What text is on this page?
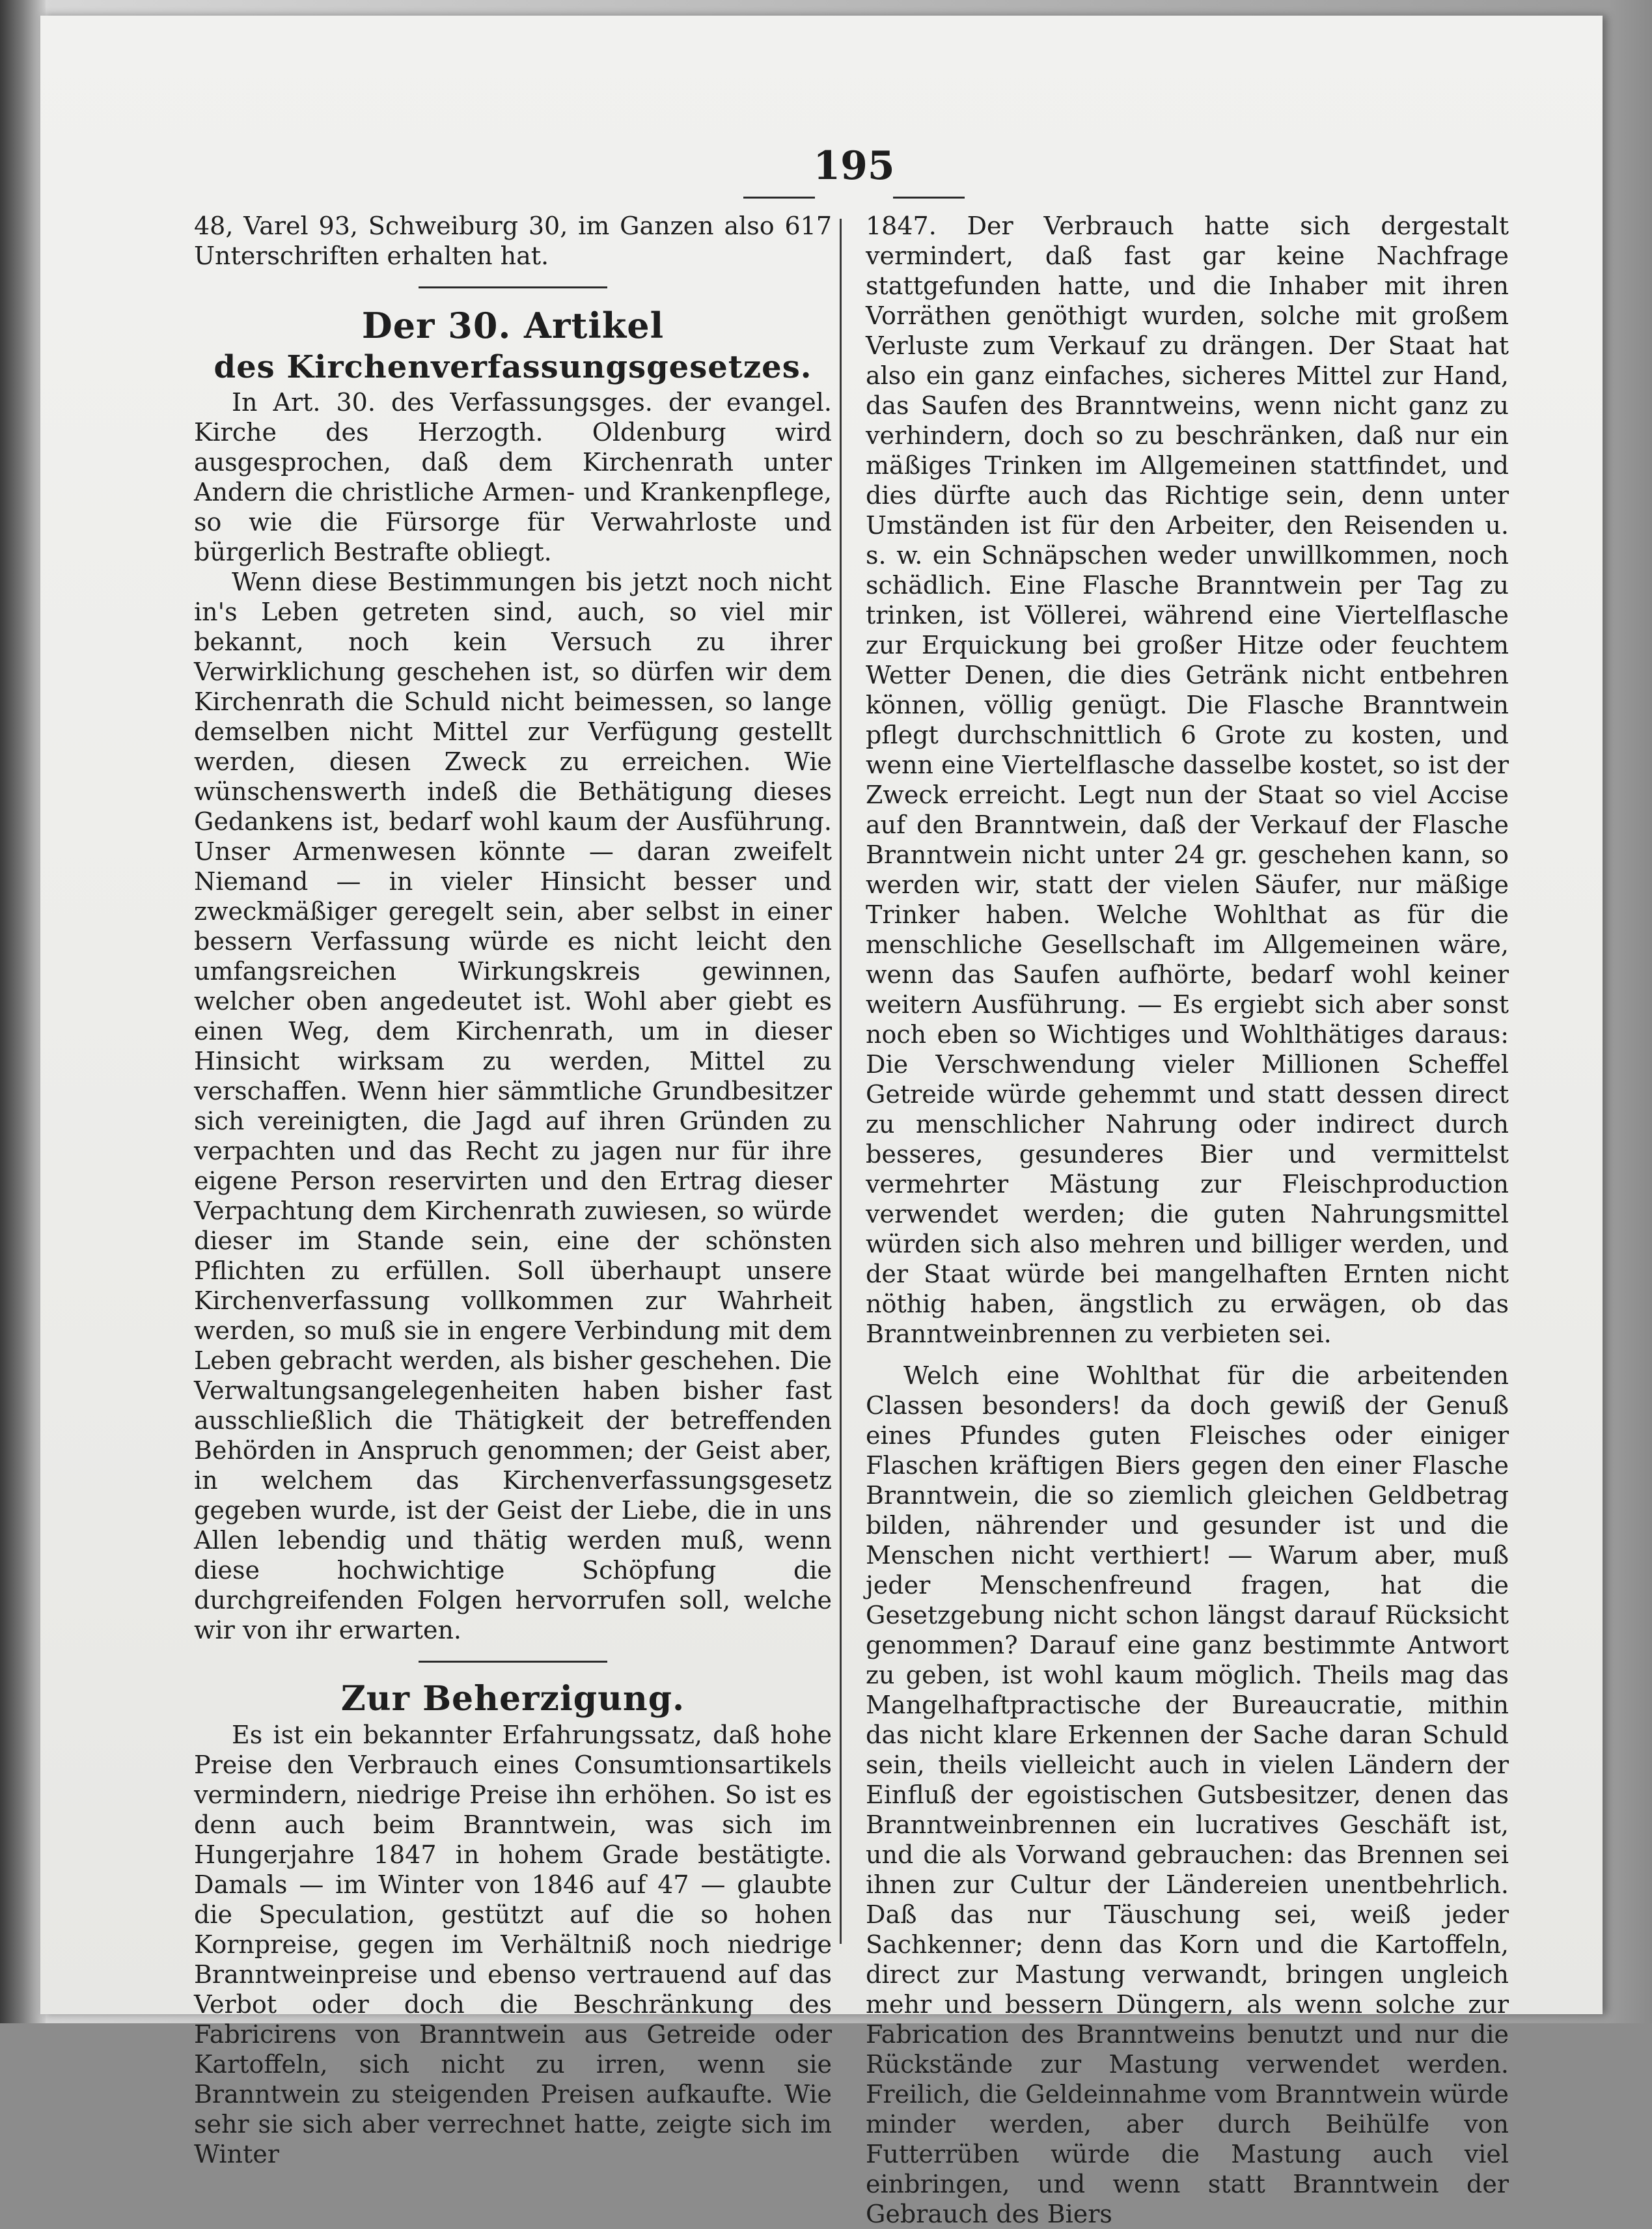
195

48, Varel 93, Schweiburg 30, im Ganzen also 617 Unterschriften erhalten hat.

Der 30. Artikel

des Kirchenverfassungsgesetzes.

In Art. 30. des Verfassungsges. der evangel. Kirche des Herzogth. Oldenburg wird ausgesprochen, daß dem Kirchenrath unter Andern die christliche Armen- und Krankenpflege, so wie die Fürsorge für Verwahrloste und bürgerlich Bestrafte obliegt.

Wenn diese Bestimmungen bis jetzt noch nicht in's Leben getreten sind, auch, so viel mir bekannt, noch kein Versuch zu ihrer Verwirklichung geschehen ist, so dürfen wir dem Kirchenrath die Schuld nicht beimessen, so lange demselben nicht Mittel zur Verfügung gestellt werden, diesen Zweck zu erreichen. Wie wünschenswerth indeß die Bethätigung dieses Gedankens ist, bedarf wohl kaum der Ausführung. Unser Armenwesen könnte — daran zweifelt Niemand — in vieler Hinsicht besser und zweckmäßiger geregelt sein, aber selbst in einer bessern Verfassung würde es nicht leicht den umfangsreichen Wirkungskreis gewinnen, welcher oben angedeutet ist. Wohl aber giebt es einen Weg, dem Kirchenrath, um in dieser Hinsicht wirksam zu werden, Mittel zu verschaffen. Wenn hier sämmtliche Grundbesitzer sich vereinigten, die Jagd auf ihren Gründen zu verpachten und das Recht zu jagen nur für ihre eigene Person reservirten und den Ertrag dieser Verpachtung dem Kirchenrath zuwiesen, so würde dieser im Stande sein, eine der schönsten Pflichten zu erfüllen. Soll überhaupt unsere Kirchenverfassung vollkommen zur Wahrheit werden, so muß sie in engere Verbindung mit dem Leben gebracht werden, als bisher geschehen. Die Verwaltungsangelegenheiten haben bisher fast ausschließlich die Thätigkeit der betreffenden Behörden in Anspruch genommen; der Geist aber, in welchem das Kirchenverfassungsgesetz gegeben wurde, ist der Geist der Liebe, die in uns Allen lebendig und thätig werden muß, wenn diese hochwichtige Schöpfung die durchgreifenden Folgen hervorrufen soll, welche wir von ihr erwarten.

Zur Beherzigung.

Es ist ein bekannter Erfahrungssatz, daß hohe Preise den Verbrauch eines Consumtionsartikels vermindern, niedrige Preise ihn erhöhen. So ist es denn auch beim Branntwein, was sich im Hungerjahre 1847 in hohem Grade bestätigte. Damals — im Winter von 1846 auf 47 — glaubte die Speculation, gestützt auf die so hohen Kornpreise, gegen im Verhältniß noch niedrige Branntweinpreise und ebenso vertrauend auf das Verbot oder doch die Beschränkung des Fabricirens von Branntwein aus Getreide oder Kartoffeln, sich nicht zu irren, wenn sie Branntwein zu steigenden Preisen aufkaufte. Wie sehr sie sich aber verrechnet hatte, zeigte sich im Winter

1847. Der Verbrauch hatte sich dergestalt vermindert, daß fast gar keine Nachfrage stattgefunden hatte, und die Inhaber mit ihren Vorräthen genöthigt wurden, solche mit großem Verluste zum Verkauf zu drängen. Der Staat hat also ein ganz einfaches, sicheres Mittel zur Hand, das Saufen des Branntweins, wenn nicht ganz zu verhindern, doch so zu beschränken, daß nur ein mäßiges Trinken im Allgemeinen stattfindet, und dies dürfte auch das Richtige sein, denn unter Umständen ist für den Arbeiter, den Reisenden u. s. w. ein Schnäpschen weder unwillkommen, noch schädlich. Eine Flasche Branntwein per Tag zu trinken, ist Völlerei, während eine Viertelflasche zur Erquickung bei großer Hitze oder feuchtem Wetter Denen, die dies Getränk nicht entbehren können, völlig genügt. Die Flasche Branntwein pflegt durchschnittlich 6 Grote zu kosten, und wenn eine Viertelflasche dasselbe kostet, so ist der Zweck erreicht. Legt nun der Staat so viel Accise auf den Branntwein, daß der Verkauf der Flasche Branntwein nicht unter 24 gr. geschehen kann, so werden wir, statt der vielen Säufer, nur mäßige Trinker haben. Welche Wohlthat as für die menschliche Gesellschaft im Allgemeinen wäre, wenn das Saufen aufhörte, bedarf wohl keiner weitern Ausführung. — Es ergiebt sich aber sonst noch eben so Wichtiges und Wohlthätiges daraus: Die Verschwendung vieler Millionen Scheffel Getreide würde gehemmt und statt dessen direct zu menschlicher Nahrung oder indirect durch besseres, gesunderes Bier und vermittelst vermehrter Mästung zur Fleischproduction verwendet werden; die guten Nahrungsmittel würden sich also mehren und billiger werden, und der Staat würde bei mangelhaften Ernten nicht nöthig haben, ängstlich zu erwägen, ob das Branntweinbrennen zu verbieten sei.

Welch eine Wohlthat für die arbeitenden Classen besonders! da doch gewiß der Genuß eines Pfundes guten Fleisches oder einiger Flaschen kräftigen Biers gegen den einer Flasche Branntwein, die so ziemlich gleichen Geldbetrag bilden, nährender und gesunder ist und die Menschen nicht verthiert! — Warum aber, muß jeder Menschenfreund fragen, hat die Gesetzgebung nicht schon längst darauf Rücksicht genommen? Darauf eine ganz bestimmte Antwort zu geben, ist wohl kaum möglich. Theils mag das Mangelhaftpractische der Bureaucratie, mithin das nicht klare Erkennen der Sache daran Schuld sein, theils vielleicht auch in vielen Ländern der Einfluß der egoistischen Gutsbesitzer, denen das Branntweinbrennen ein lucratives Geschäft ist, und die als Vorwand gebrauchen: das Brennen sei ihnen zur Cultur der Ländereien unentbehrlich. Daß das nur Täuschung sei, weiß jeder Sachkenner; denn das Korn und die Kartoffeln, direct zur Mastung verwandt, bringen ungleich mehr und bessern Düngern, als wenn solche zur Fabrication des Branntweins benutzt und nur die Rückstände zur Mastung verwendet werden. Freilich, die Geldeinnahme vom Branntwein würde minder werden, aber durch Beihülfe von Futterrüben würde die Mastung auch viel einbringen, und wenn statt Branntwein der Gebrauch des Biers
